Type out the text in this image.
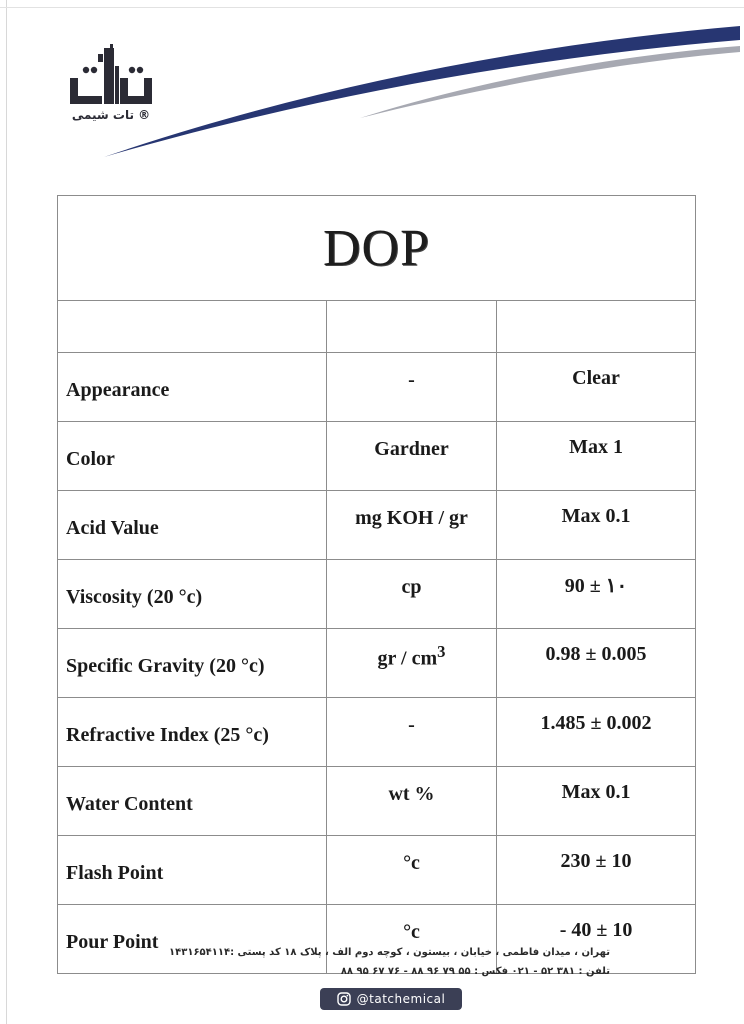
تات شیمی ®
DOP		

Appearance	-	Clear
Color	Gardner	Max 1
Acid Value	mg KOH / gr	Max 0.1
Viscosity (20 °c)	cp	90 ± ۱۰
Specific Gravity (20 °c)	gr / $cm^3$	0.98 ± 0.005
Refractive Index (25 °c)	-	1.485 ± 0.002
Water Content	wt %	Max 0.1
Flash Point	°c	230 ± 10
Pour Point	°c	- 40 ± 10
تهران ، میدان فاطمی ، خیابان ، بیستون ، کوچه دوم الف ، پلاک ۱۸ کد پستی :۱۴۳۱۶۵۴۱۱۴
تلفن : ۳۸۱ ۵۲ - ۰۲۱ فکس : ۵۵ ۷۹ ۹۶ ۸۸ - ۷۶ ۶۷ ۹۵ ۸۸
@tatchemical
